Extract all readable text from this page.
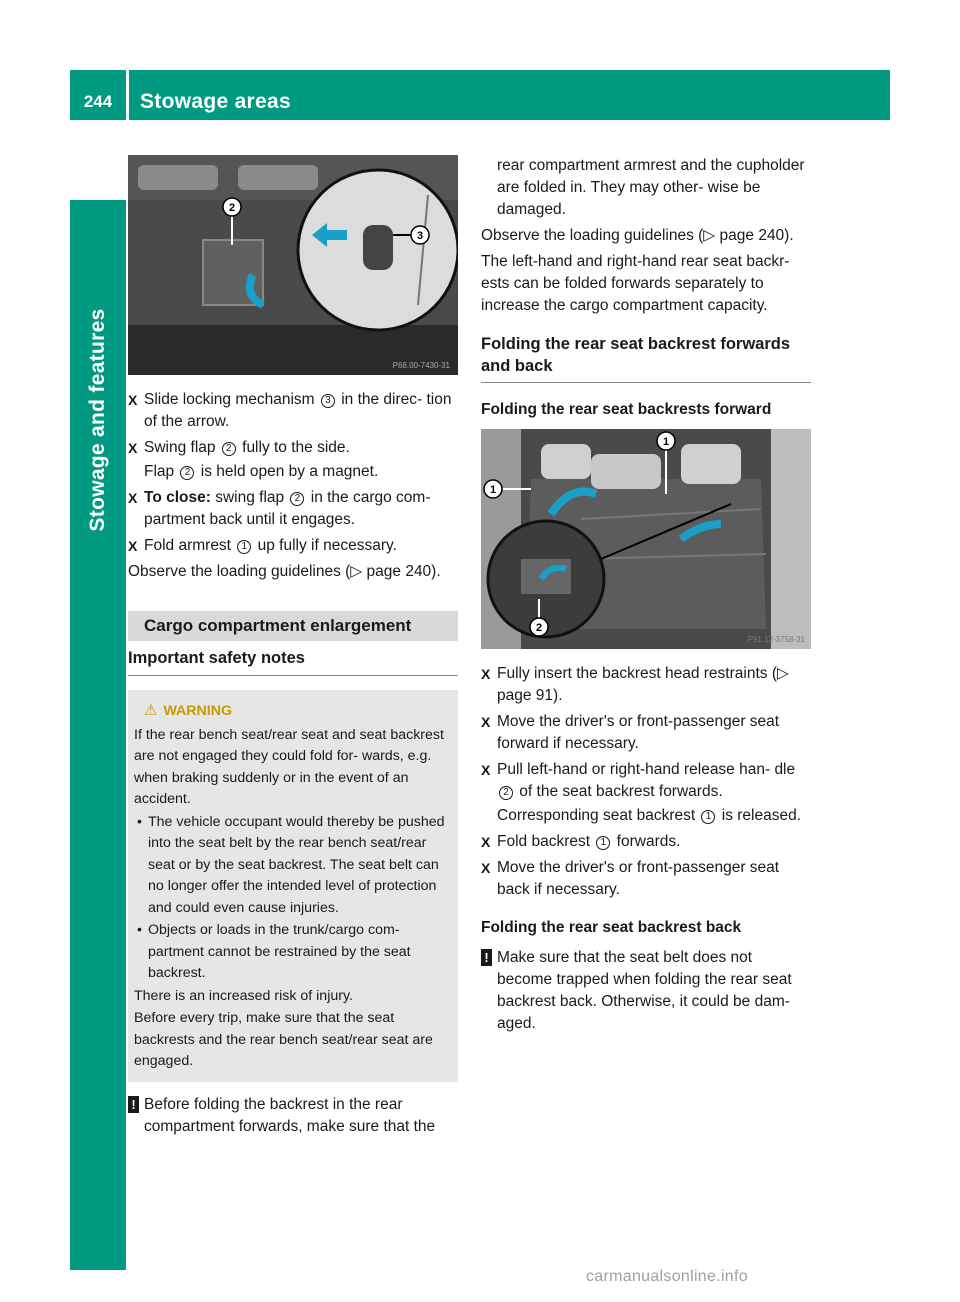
244	Stowage areas
Stowage and features
2
3
P68.00-7430-31
X Slide locking mechanism 3 in the direc- tion of the arrow.
X Swing flap 2 fully to the side.
Flap 2 is held open by a magnet.
X To close: swing flap 2 in the cargo com- partment back until it engages.
X Fold armrest 1 up fully if necessary.
Observe the loading guidelines (▷ page 240).
Cargo compartment enlargement
Important safety notes
⚠ WARNING

If the rear bench seat/rear seat and seat backrest are not engaged they could fold for- wards, e.g. when braking suddenly or in the event of an accident.

• The vehicle occupant would thereby be pushed into the seat belt by the rear bench seat/rear seat or by the seat backrest. The seat belt can no longer offer the intended level of protection and could even cause injuries.
• Objects or loads in the trunk/cargo com- partment cannot be restrained by the seat backrest.

There is an increased risk of injury.

Before every trip, make sure that the seat backrests and the rear bench seat/rear seat are engaged.

! Before folding the backrest in the rear compartment forwards, make sure that the
rear compartment armrest and the cupholder are folded in. They may other- wise be damaged.
Observe the loading guidelines (▷ page 240).
The left-hand and right-hand rear seat backr- ests can be folded forwards separately to increase the cargo compartment capacity.
Folding the rear seat backrest forwards and back
Folding the rear seat backrests forward
1
1
2
P91.12-3758-31
X Fully insert the backrest head restraints (▷ page 91).
X Move the driver's or front-passenger seat forward if necessary.
X Pull left-hand or right-hand release han- dle 2 of the seat backrest forwards.
Corresponding seat backrest 1 is released.
X Fold backrest 1 forwards.
X Move the driver's or front-passenger seat back if necessary.
Folding the rear seat backrest back
! Make sure that the seat belt does not become trapped when folding the rear seat backrest back. Otherwise, it could be dam- aged.
carmanualsonline.info
